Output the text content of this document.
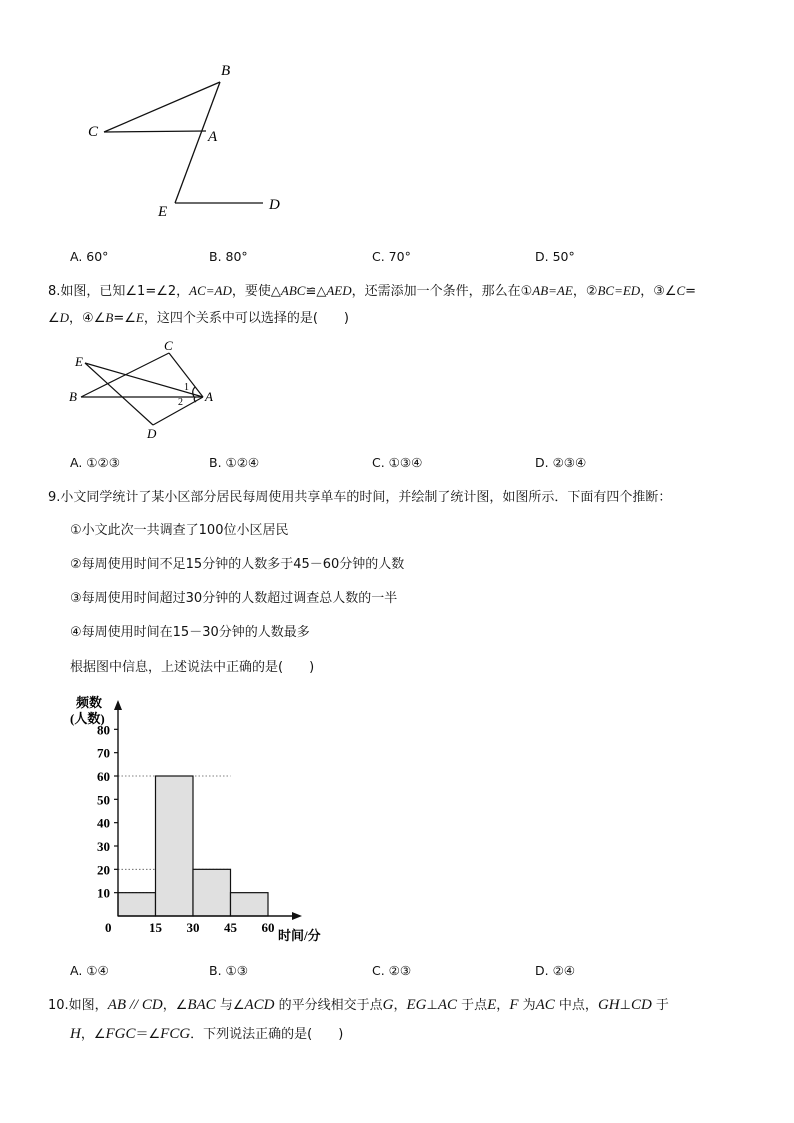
B
C	A
E	D
A. 60°	B. 80°	C. 70°	D. 50°
8.如图，已知∠1=∠2，AC=AD，要使△ABC≌△AED，还需添加一个条件，那么在①AB=AE，②BC=ED，③∠C=
∠D，④∠B=∠E，这四个关系中可以选择的是(　　)
E
C
B
D
A
1
2
A. ①②③	B. ①②④	C. ①③④	D. ②③④
9.小文同学统计了某小区部分居民每周使用共享单车的时间，并绘制了统计图，如图所示．下面有四个推断：
①小文此次一共调查了100位小区居民
②每周使用时间不足15分钟的人数多于45－60分钟的人数
③每周使用时间超过30分钟的人数超过调查总人数的一半
④每周使用时间在15－30分钟的人数最多
根据图中信息，上述说法中正确的是(　　)
10
20
30
40
50
60
70
80
15 30 45 60
频数
(人数)
时间/分
0
A. ①④	B. ①③	C. ②③	D. ②④
10.如图，AB // CD，∠BAC 与∠ACD 的平分线相交于点G，EG⊥AC 于点E，F 为AC 中点，GH⊥CD 于
H，∠FGC＝∠FCG．下列说法正确的是(　　)
